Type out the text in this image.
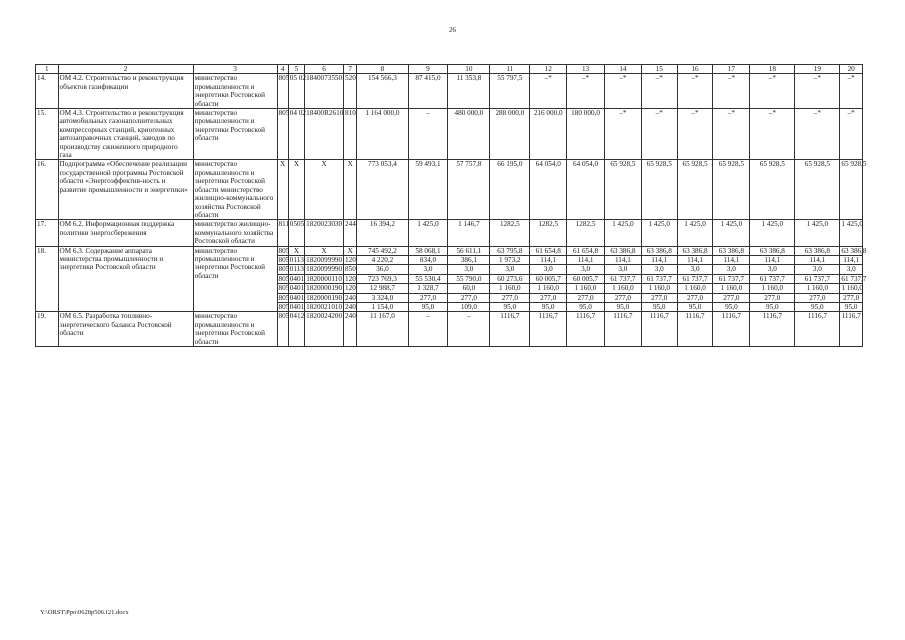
26
1	2	3	4	5	6	7	8	9	10	11	12	13	14	15	16	17	18	19	20
14.	ОМ 4.2. Строительство и реконструкция объектов газификации	министерство промышленности и энергетики Ростовской области	805	05 02	1840073550	520	154 566,3	87 415,0	11 353,8	55 797,5	–*	–*	–*	–*	–*	–*	–*	–*	–*
15.	ОМ 4.3. Строительство и реконструкция автомобильных газонаполнительных компрессорных станций, криогенных автозаправочных станций, заводов по производству сжиженного природного газа	министерство промышленности и энергетики Ростовской области	805	04 02	18400R2610	810	1 164 000,0	–	480 000,0	288 000,0	216 000,0	180 000,0	–*	–*	–*	–*	–*	–*	–*
16.	Подпрограмма «Обеспечение реализации государственной программы Ростовской области «Энергоэффектив-ность и развитие промышленности и энергетики»	министерство промышленности и энергетики Ростовской области министерство жилищно-коммунального хозяйства Ростовской области	X	X	X	X	773 053,4	59 493,1	57 757,8	66 195,0	64 054,0	64 054,0	65 928,5	65 928,5	65 928,5	65 928,5	65 928,5	65 928,5	65 928,5
17.	ОМ 6.2. Информационная поддержка политики энергосбережения	министерство жилищно-коммунального хозяйства Ростовской области	811	0505	1820023030	244	16 394,2	1 425,0	1 146,7	1282,5	1282,5	1282,5	1 425,0	1 425,0	1 425,0	1 425,0	1 425,0	1 425,0	1 425,0
18.	ОМ 6.3. Содержание аппарата министерства промышленности и энергетики Ростовской области	министерство промышленности и энергетики Ростовской области	805	X	X	X	745 492,2	58 068,1	56 611,1	63 795,8	61 654,8	61 654,8	63 386,8	63 386,8	63 386,8	63 386,8	63 386,8	63 386,8	63 386,8
			805	0113	1820099990	120	4 220,2	834,0	386,1	1 973,2	114,1	114,1	114,1	114,1	114,1	114,1	114,1	114,1	114,1
			805	0113	1820099990	850	36,0	3,0	3,0	3,0	3,0	3,0	3,0	3,0	3,0	3,0	3,0	3,0	3,0
			805	0401	1820000110	120	723 769,3	55 530,4	55 790,0	60 273,6	60 005,7	60 005,7	61 737,7	61 737,7	61 737,7	61 737,7	61 737,7	61 737,7	61 737,7
			805	0401	1820000190	120	12 988,7	1 328,7	60,0	1 160,0	1 160,0	1 160,0	1 160,0	1 160,0	1 160,0	1 160,0	1 160,0	1 160,0	1 160,0
			805	0401	1820000190	240	3 324,0	277,0	277,0	277,0	277,0	277,0	277,0	277,0	277,0	277,0	277,0	277,0	277,0
			805	0401	1820021010	240	1 154,0	95,0	109,0	95,0	95,0	95,0	95,0	95,0	95,0	95,0	95,0	95,0	95,0
19.	ОМ 6.5. Разработка топливно-энергетического баланса Ростовской области	министерство промышленности и энергетики Ростовской области	805	0412	1820024200	240	11 167,0	–	–	1116,7	1116,7	1116,7	1116,7	1116,7	1116,7	1116,7	1116,7	1116,7	1116,7
Y:\ORST\Ppo\0628p506.f21.docx
